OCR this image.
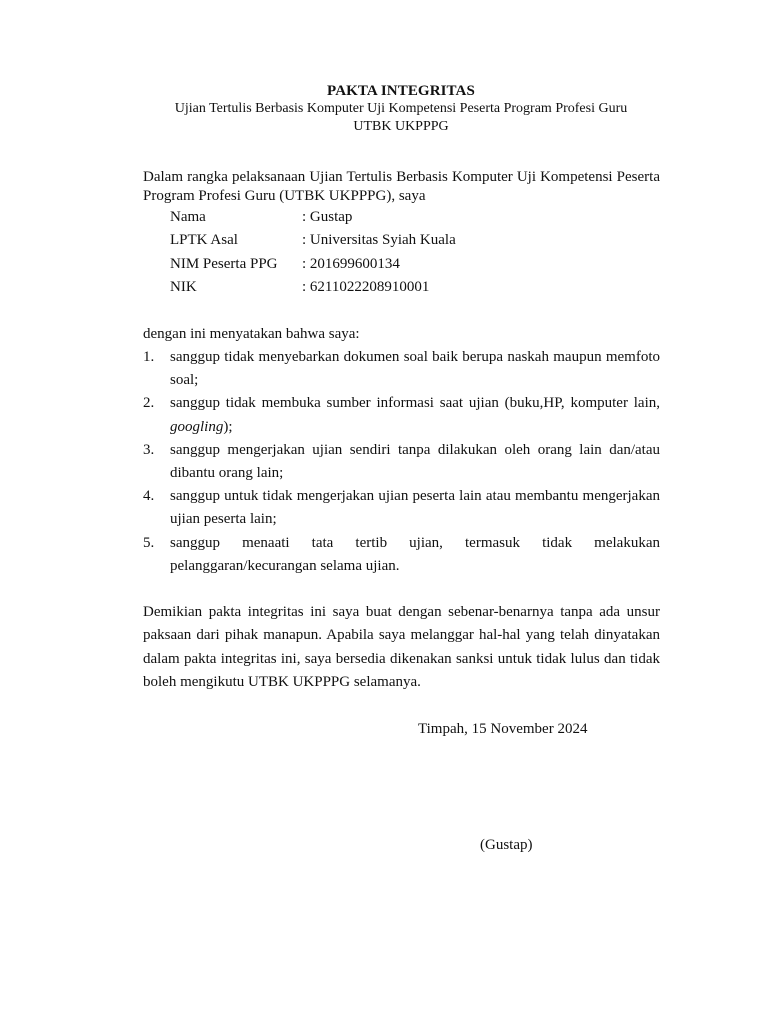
PAKTA INTEGRITAS
Ujian Tertulis Berbasis Komputer Uji Kompetensi Peserta Program Profesi Guru
UTBK UKPPPG
Dalam rangka pelaksanaan Ujian Tertulis Berbasis Komputer Uji Kompetensi Peserta
Program Profesi Guru (UTBK UKPPPG), saya
Nama	: Gustap
LPTK Asal	: Universitas Syiah Kuala
NIM Peserta PPG	: 201699600134
NIK	: 6211022208910001
dengan ini menyatakan bahwa saya:
1. sanggup tidak menyebarkan dokumen soal baik berupa naskah maupun memfoto soal;
2. sanggup tidak membuka sumber informasi saat ujian (buku,HP, komputer lain, googling);
3. sanggup mengerjakan ujian sendiri tanpa dilakukan oleh orang lain dan/atau dibantu orang lain;
4. sanggup untuk tidak mengerjakan ujian peserta lain atau membantu mengerjakan ujian peserta lain;
5. sanggup menaati tata tertib ujian, termasuk tidak melakukan
pelanggaran/kecurangan selama ujian.
Demikian pakta integritas ini saya buat dengan sebenar-benarnya tanpa ada unsur paksaan dari pihak manapun. Apabila saya melanggar hal-hal yang telah dinyatakan dalam pakta integritas ini, saya bersedia dikenakan sanksi untuk tidak lulus dan tidak boleh mengikutu UTBK UKPPPG selamanya.
Timpah, 15 November 2024
(Gustap)
